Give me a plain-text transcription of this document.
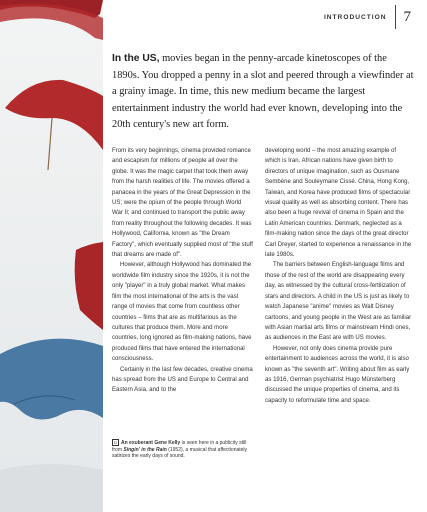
INTRODUCTION 7

In the US, movies began in the penny-arcade kinetoscopes of the 1890s. You dropped a penny in a slot and peered through a viewfinder at a grainy image. In time, this new medium became the largest entertainment industry the world had ever known, developing into the 20th century's new art form.

From its very beginnings, cinema provided romance and escapism for millions of people all over the globe. It was the magic carpet that took them away from the harsh realities of life. The movies offered a panacea in the years of the Great Depression in the US; were the opium of the people through World War II; and continued to transport the public away from reality throughout the following decades. It was Hollywood, California, known as "the Dream Factory", which eventually supplied most of "the stuff that dreams are made of".

However, although Hollywood has dominated the worldwide film industry since the 1920s, it is not the only "player" in a truly global market. What makes film the most international of the arts is the vast range of movies that come from countless other countries – films that are as multifarious as the cultures that produce them. More and more countries, long ignored as film-making nations, have produced films that have entered the international consciousness.

Certainly in the last few decades, creative cinema has spread from the US and Europe to Central and Eastern Asia, and to the

developing world – the most amazing example of which is Iran. African nations have given birth to directors of unique imagination, such as Ousmane Sembène and Souleymane Cissé. China, Hong Kong, Taiwan, and Korea have produced films of spectacular visual quality as well as absorbing content. There has also been a huge revival of cinema in Spain and the Latin American countries. Denmark, neglected as a film-making nation since the days of the great director Carl Dreyer, started to experience a renaissance in the late 1980s.

The barriers between English-language films and those of the rest of the world are disappearing every day, as witnessed by the cultural cross-fertilization of stars and directors. A child in the US is just as likely to watch Japanese "anime" movies as Walt Disney cartoons, and young people in the West are as familiar with Asian martial arts films or mainstream Hindi ones, as audiences in the East are with US movies.

However, not only does cinema provide pure entertainment to audiences across the world, it is also known as "the seventh art". Writing about film as early as 1916, German psychiatrist Hugo Münsterberg discussed the unique properties of cinema, and its capacity to reformulate time and space.

D An exuberant Gene Kelly is seen here in a publicity still from Singin' in the Rain (1952), a musical that affectionately satirizes the early days of sound.
